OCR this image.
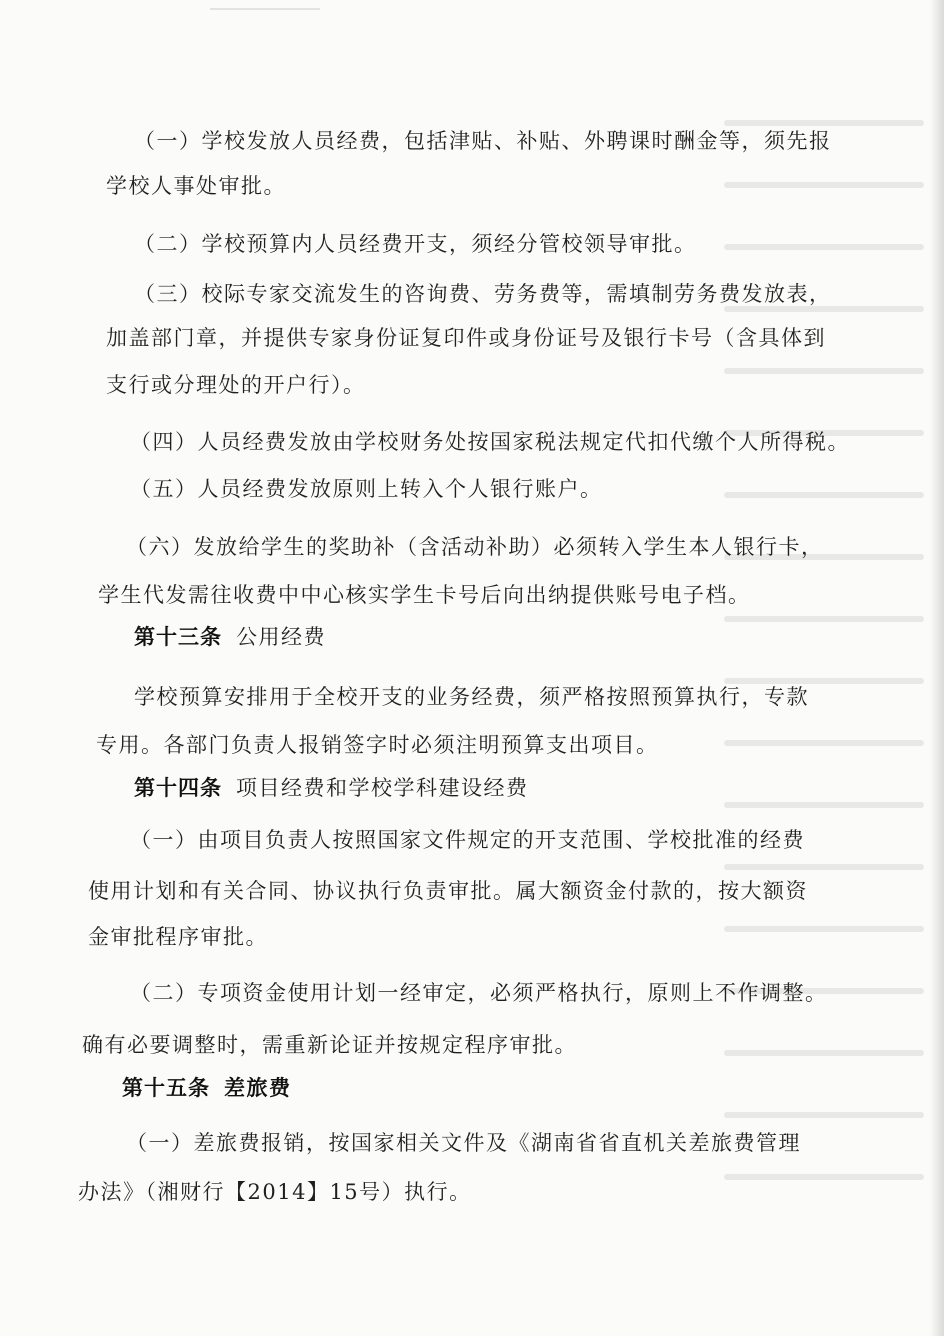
（一）学校发放人员经费，包括津贴、补贴、外聘课时酬金等，须先报
学校人事处审批。
（二）学校预算内人员经费开支，须经分管校领导审批。
（三）校际专家交流发生的咨询费、劳务费等，需填制劳务费发放表，
加盖部门章，并提供专家身份证复印件或身份证号及银行卡号（含具体到
支行或分理处的开户行）。
（四）人员经费发放由学校财务处按国家税法规定代扣代缴个人所得税。
（五）人员经费发放原则上转入个人银行账户。
（六）发放给学生的奖助补（含活动补助）必须转入学生本人银行卡，
学生代发需往收费中中心核实学生卡号后向出纳提供账号电子档。
第十三条 公用经费
学校预算安排用于全校开支的业务经费，须严格按照预算执行，专款
专用。各部门负责人报销签字时必须注明预算支出项目。
第十四条 项目经费和学校学科建设经费
（一）由项目负责人按照国家文件规定的开支范围、学校批准的经费
使用计划和有关合同、协议执行负责审批。属大额资金付款的，按大额资
金审批程序审批。
（二）专项资金使用计划一经审定，必须严格执行，原则上不作调整。
确有必要调整时，需重新论证并按规定程序审批。
第十五条 差旅费
（一）差旅费报销，按国家相关文件及《湖南省省直机关差旅费管理
办法》（湘财行【2014】15号）执行。
